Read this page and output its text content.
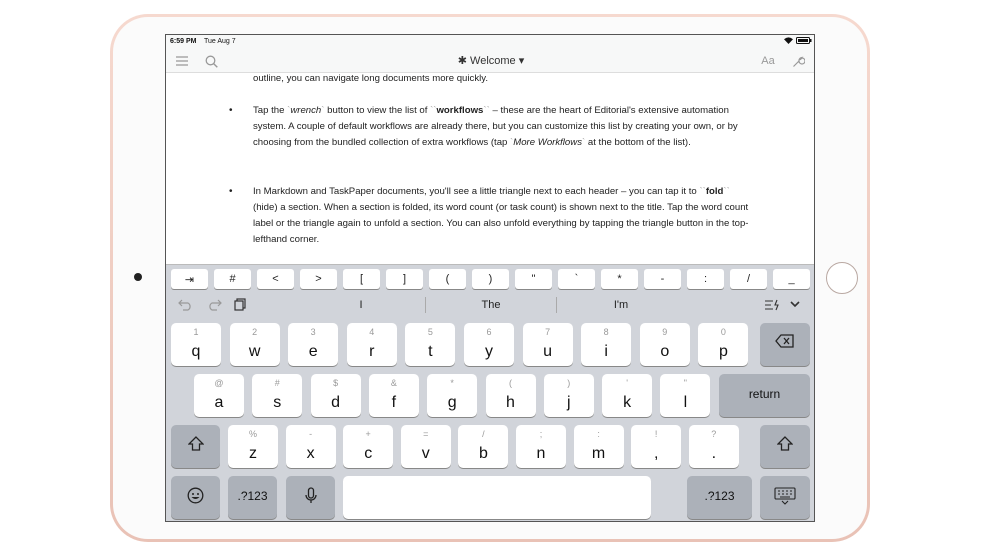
6:59 PM Tue Aug 7
✱ Welcome ▾	Aa
outline, you can navigate long documents more quickly.
• Tap the `wrench` button to view the list of ``workflows`` – these are the heart of Editorial's extensive automation system. A couple of default workflows are already there, but you can customize this list by creating your own, or by choosing from the bundled collection of extra workflows (tap `More Workflows` at the bottom of the list).
• In Markdown and TaskPaper documents, you'll see a little triangle next to each header – you can tap it to ``fold`` (hide) a section. When a section is folded, its word count (or task count) is shown next to the title. Tap the word count label or the triangle again to unfold a section. You can also unfold everything by tapping the triangle button in the top-lefthand corner.
⇥	#	<	>	[	]	(	)	"	`	*	-	:	/	_
I	The	I'm
1
q
2
w
3
e
4
r
5
t
6
y
7
u
8
i
9
o
0
p
@
a
#
s
$
d
&
f
*
g
(
h
)
j
'
k
"
l	return
%
z
-
x
+
c
=
v
/
b
;
n
:
m
!
,
?
.
.?123	.?123
